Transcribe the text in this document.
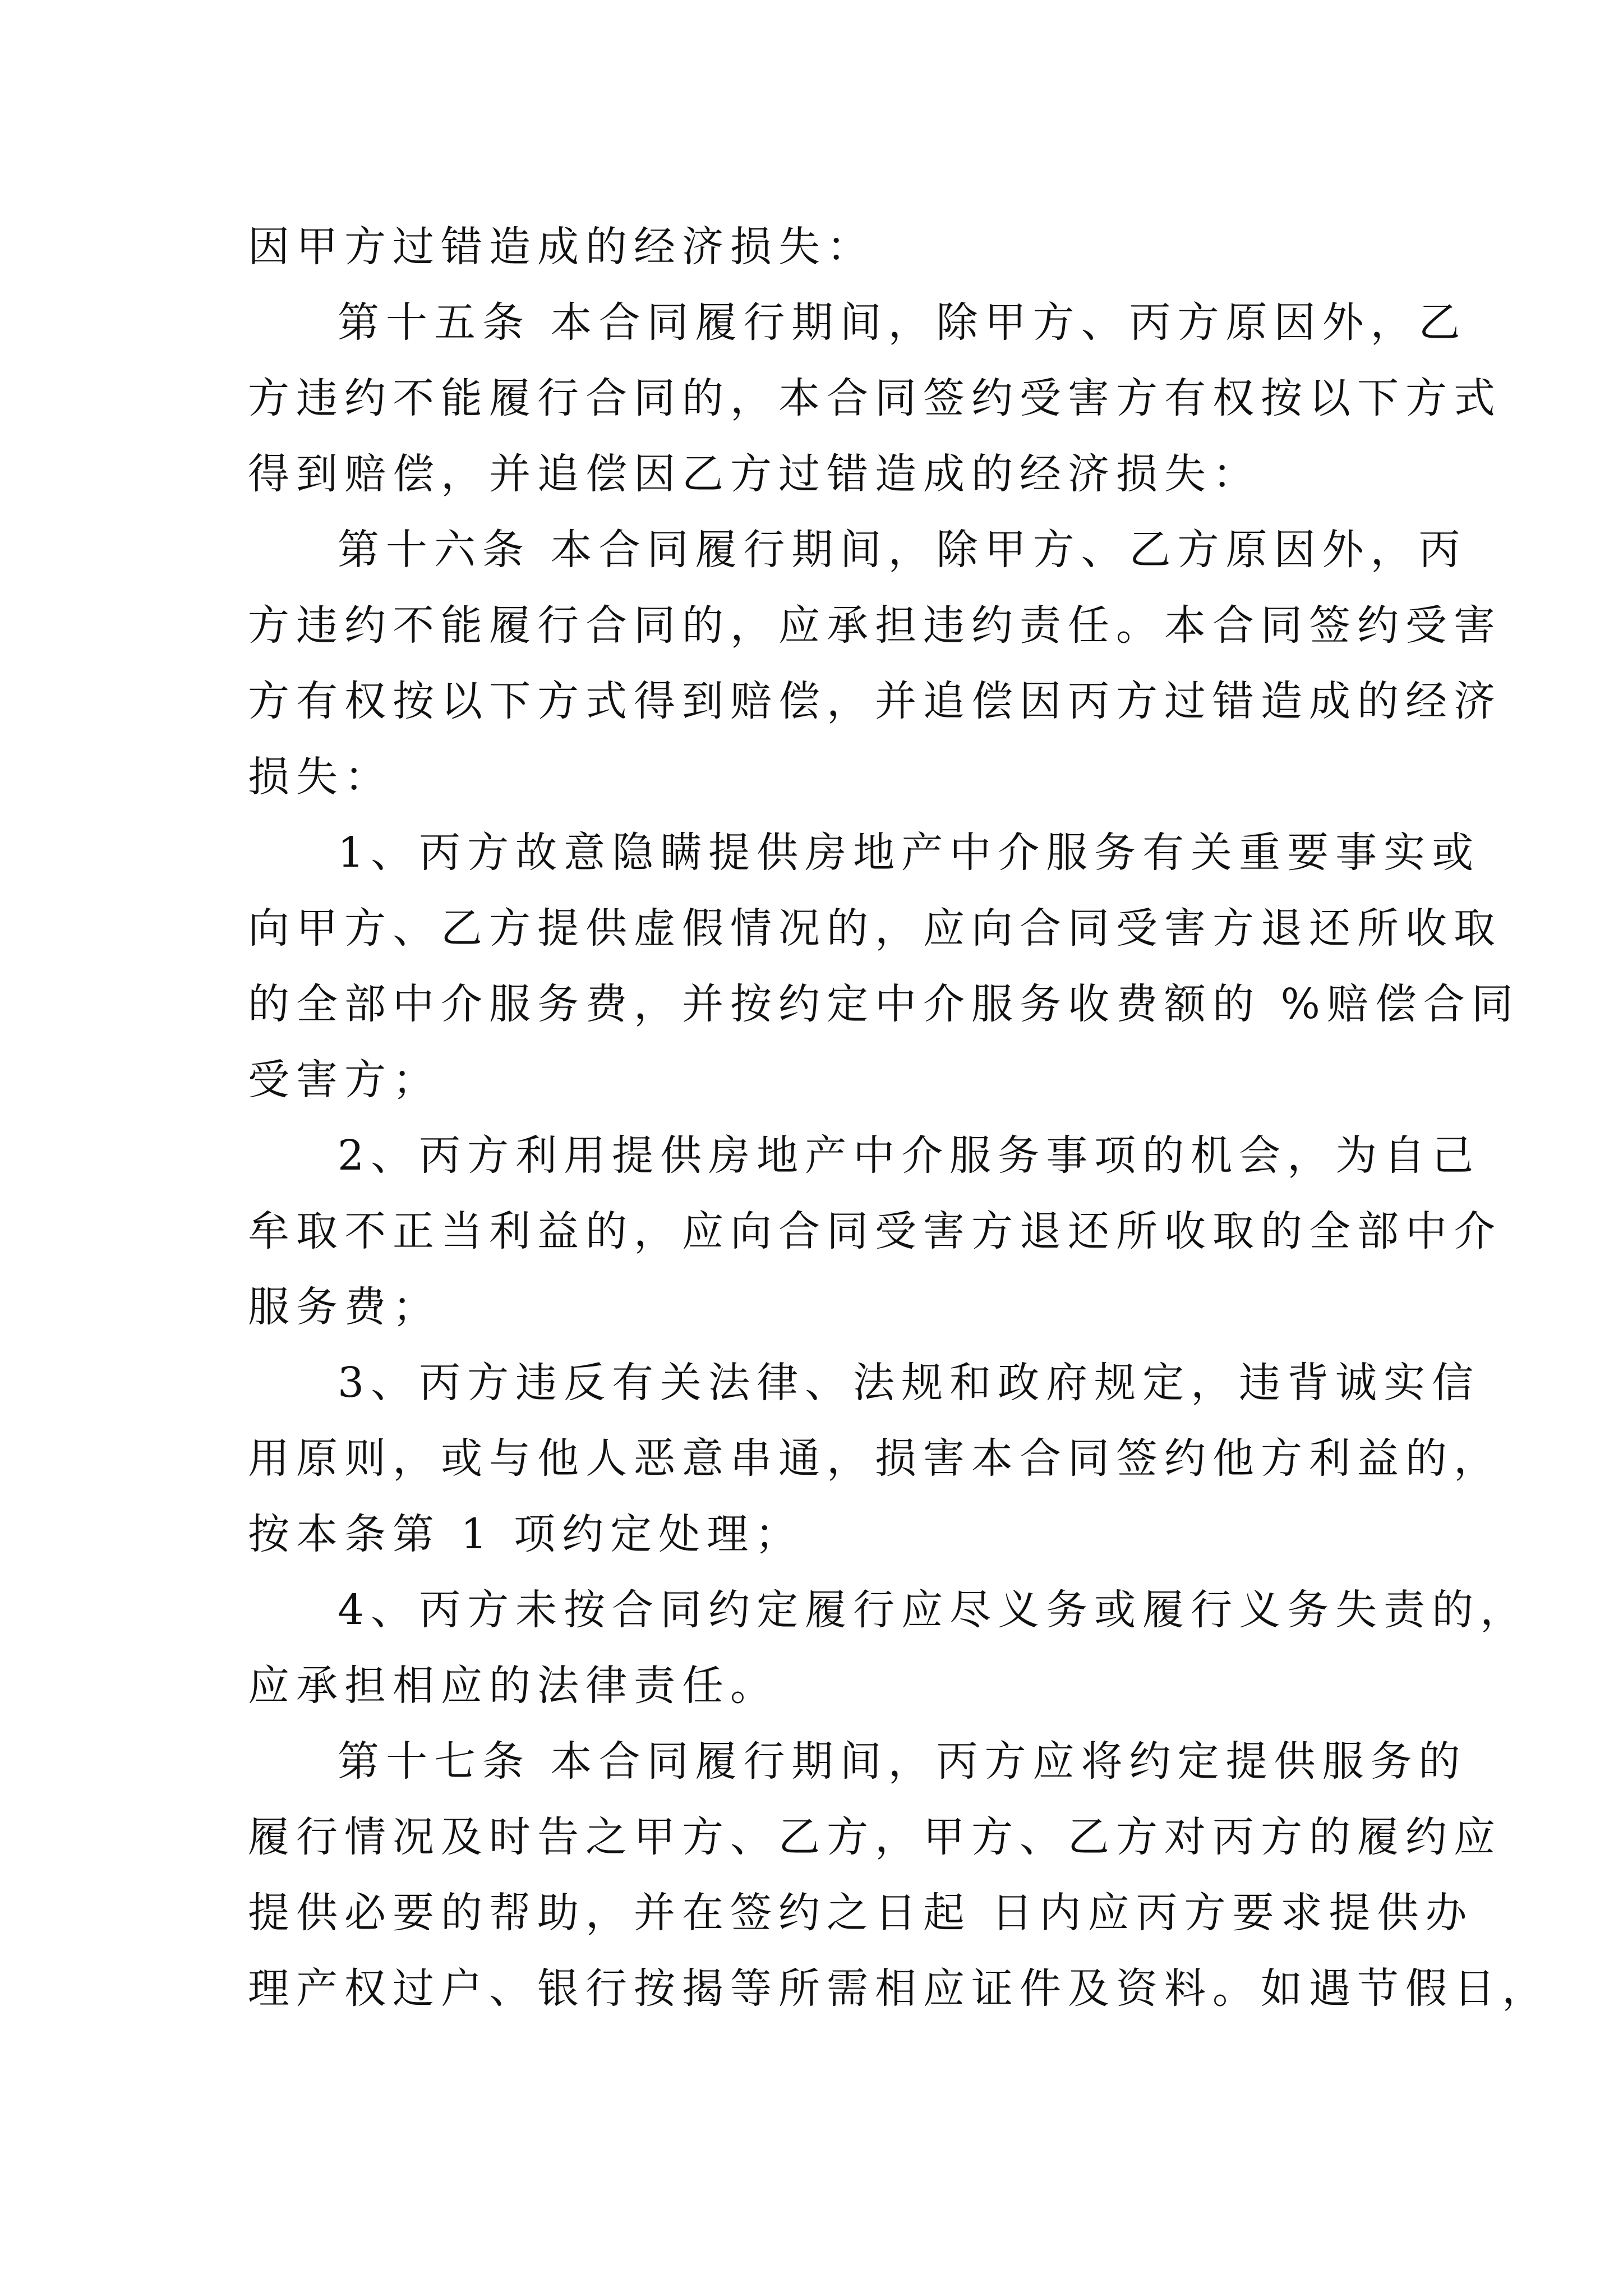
因甲方过错造成的经济损失：
第十五条 本合同履行期间，除甲方、丙方原因外，乙
方违约不能履行合同的，本合同签约受害方有权按以下方式
得到赔偿，并追偿因乙方过错造成的经济损失：
第十六条 本合同履行期间，除甲方、乙方原因外，丙
方违约不能履行合同的，应承担违约责任。本合同签约受害
方有权按以下方式得到赔偿，并追偿因丙方过错造成的经济
损失：
1、丙方故意隐瞒提供房地产中介服务有关重要事实或
向甲方、乙方提供虚假情况的，应向合同受害方退还所收取
的全部中介服务费，并按约定中介服务收费额的 %赔偿合同
受害方；
2、丙方利用提供房地产中介服务事项的机会，为自己
牟取不正当利益的，应向合同受害方退还所收取的全部中介
服务费；
3、丙方违反有关法律、法规和政府规定，违背诚实信
用原则，或与他人恶意串通，损害本合同签约他方利益的，
按本条第 1 项约定处理；
4、丙方未按合同约定履行应尽义务或履行义务失责的，
应承担相应的法律责任。
第十七条 本合同履行期间，丙方应将约定提供服务的
履行情况及时告之甲方、乙方，甲方、乙方对丙方的履约应
提供必要的帮助，并在签约之日起 日内应丙方要求提供办
理产权过户、银行按揭等所需相应证件及资料。如遇节假日，
